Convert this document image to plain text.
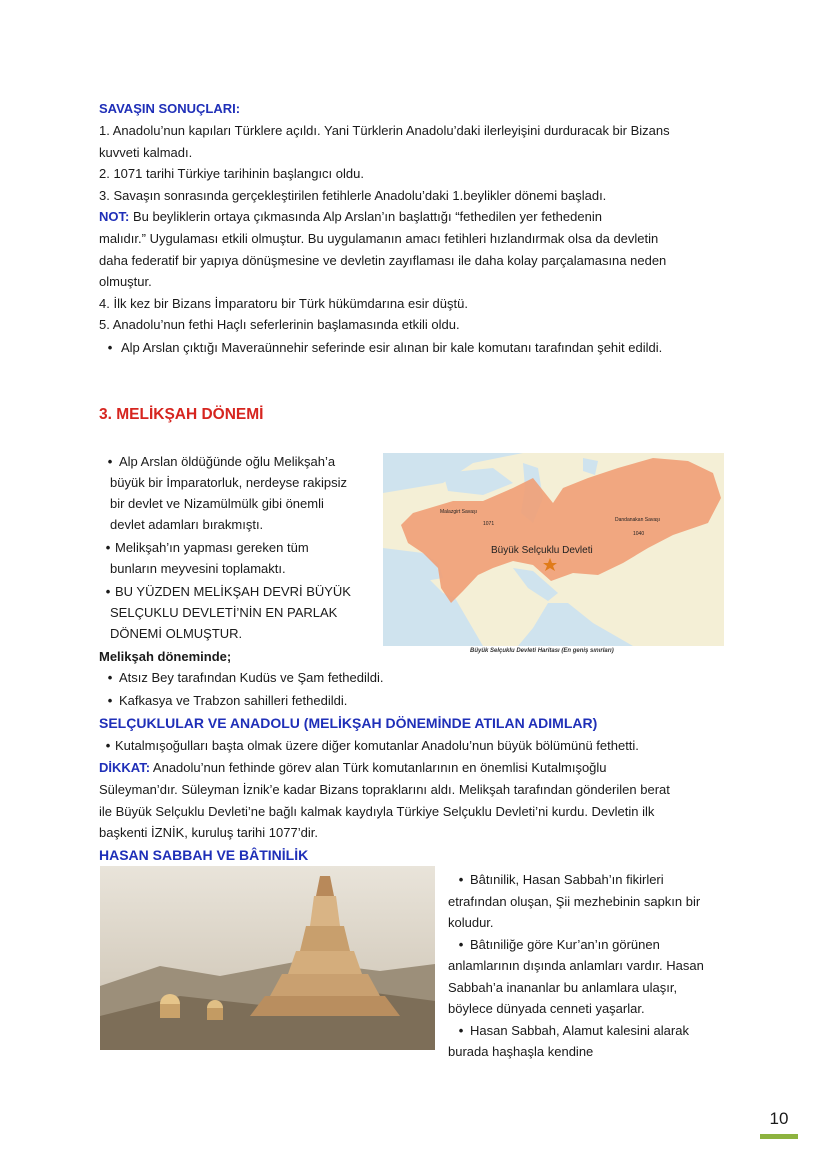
SAVAŞIN SONUÇLARI:
1. Anadolu’nun kapıları Türklere açıldı. Yani Türklerin Anadolu’daki ilerleyişini durduracak bir Bizans
kuvveti kalmadı.
2. 1071 tarihi Türkiye tarihinin başlangıcı oldu.
3. Savaşın sonrasında gerçekleştirilen fetihlerle Anadolu’daki 1.beylikler dönemi başladı.
NOT: Bu beyliklerin ortaya çıkmasında Alp Arslan’ın başlattığı “fethedilen yer fethedenin
malıdır.” Uygulaması etkili olmuştur. Bu uygulamanın amacı fetihleri hızlandırmak olsa da devletin
daha federatif bir yapıya dönüşmesine ve devletin zayıflaması ile daha kolay parçalamasına neden
olmuştur.
4. İlk kez bir Bizans İmparatoru bir Türk hükümdarına esir düştü.
5. Anadolu’nun fethi Haçlı seferlerinin başlamasında etkili oldu.
• Alp Arslan çıktığı Maveraünnehir seferinde esir alınan bir kale komutanı tarafından şehit edildi.
3. MELİKŞAH DÖNEMİ
• Alp Arslan öldüğünde oğlu Melikşah’a
büyük bir İmparatorluk, nerdeyse rakipsiz
bir devlet ve Nizamülmülk gibi önemli
devlet adamları bırakmıştı.
• Melikşah’ın yapması gereken tüm
bunların meyvesini toplamaktı.
• BU YÜZDEN MELİKŞAH DEVRİ BÜYÜK
SELÇUKLU DEVLETİ’NİN EN PARLAK
DÖNEMİ OLMUŞTUR.
Melikşah döneminde;
• Atsız Bey tarafından Kudüs ve Şam fethedildi.
• Kafkasya ve Trabzon sahilleri fethedildi.
Malazgirt Savaşı
1071
Dandanakan Savaşı
1040
Büyük Selçuklu Devleti
Büyük Selçuklu Devleti Haritası (En geniş sınırları)
SELÇUKLULAR VE ANADOLU (MELİKŞAH DÖNEMİNDE ATILAN ADIMLAR)
• Kutalmışoğulları başta olmak üzere diğer komutanlar Anadolu’nun büyük bölümünü fethetti.
DİKKAT: Anadolu’nun fethinde görev alan Türk komutanlarının en önemlisi Kutalmışoğlu
Süleyman’dır. Süleyman İznik’e kadar Bizans topraklarını aldı. Melikşah tarafından gönderilen berat
ile Büyük Selçuklu Devleti’ne bağlı kalmak kaydıyla Türkiye Selçuklu Devleti’ni kurdu. Devletin ilk
başkenti İZNİK, kuruluş tarihi 1077’dir.
HASAN SABBAH VE BÂTINİLİK
• Bâtınilik, Hasan Sabbah’ın fikirleri
etrafından oluşan, Şii mezhebinin sapkın bir
koludur.
• Bâtıniliğe göre Kur’an’ın görünen
anlamlarının dışında anlamları vardır. Hasan
Sabbah’a inananlar bu anlamlara ulaşır,
böylece dünyada cenneti yaşarlar.
• Hasan Sabbah, Alamut kalesini alarak
burada haşhaşla kendine
10
